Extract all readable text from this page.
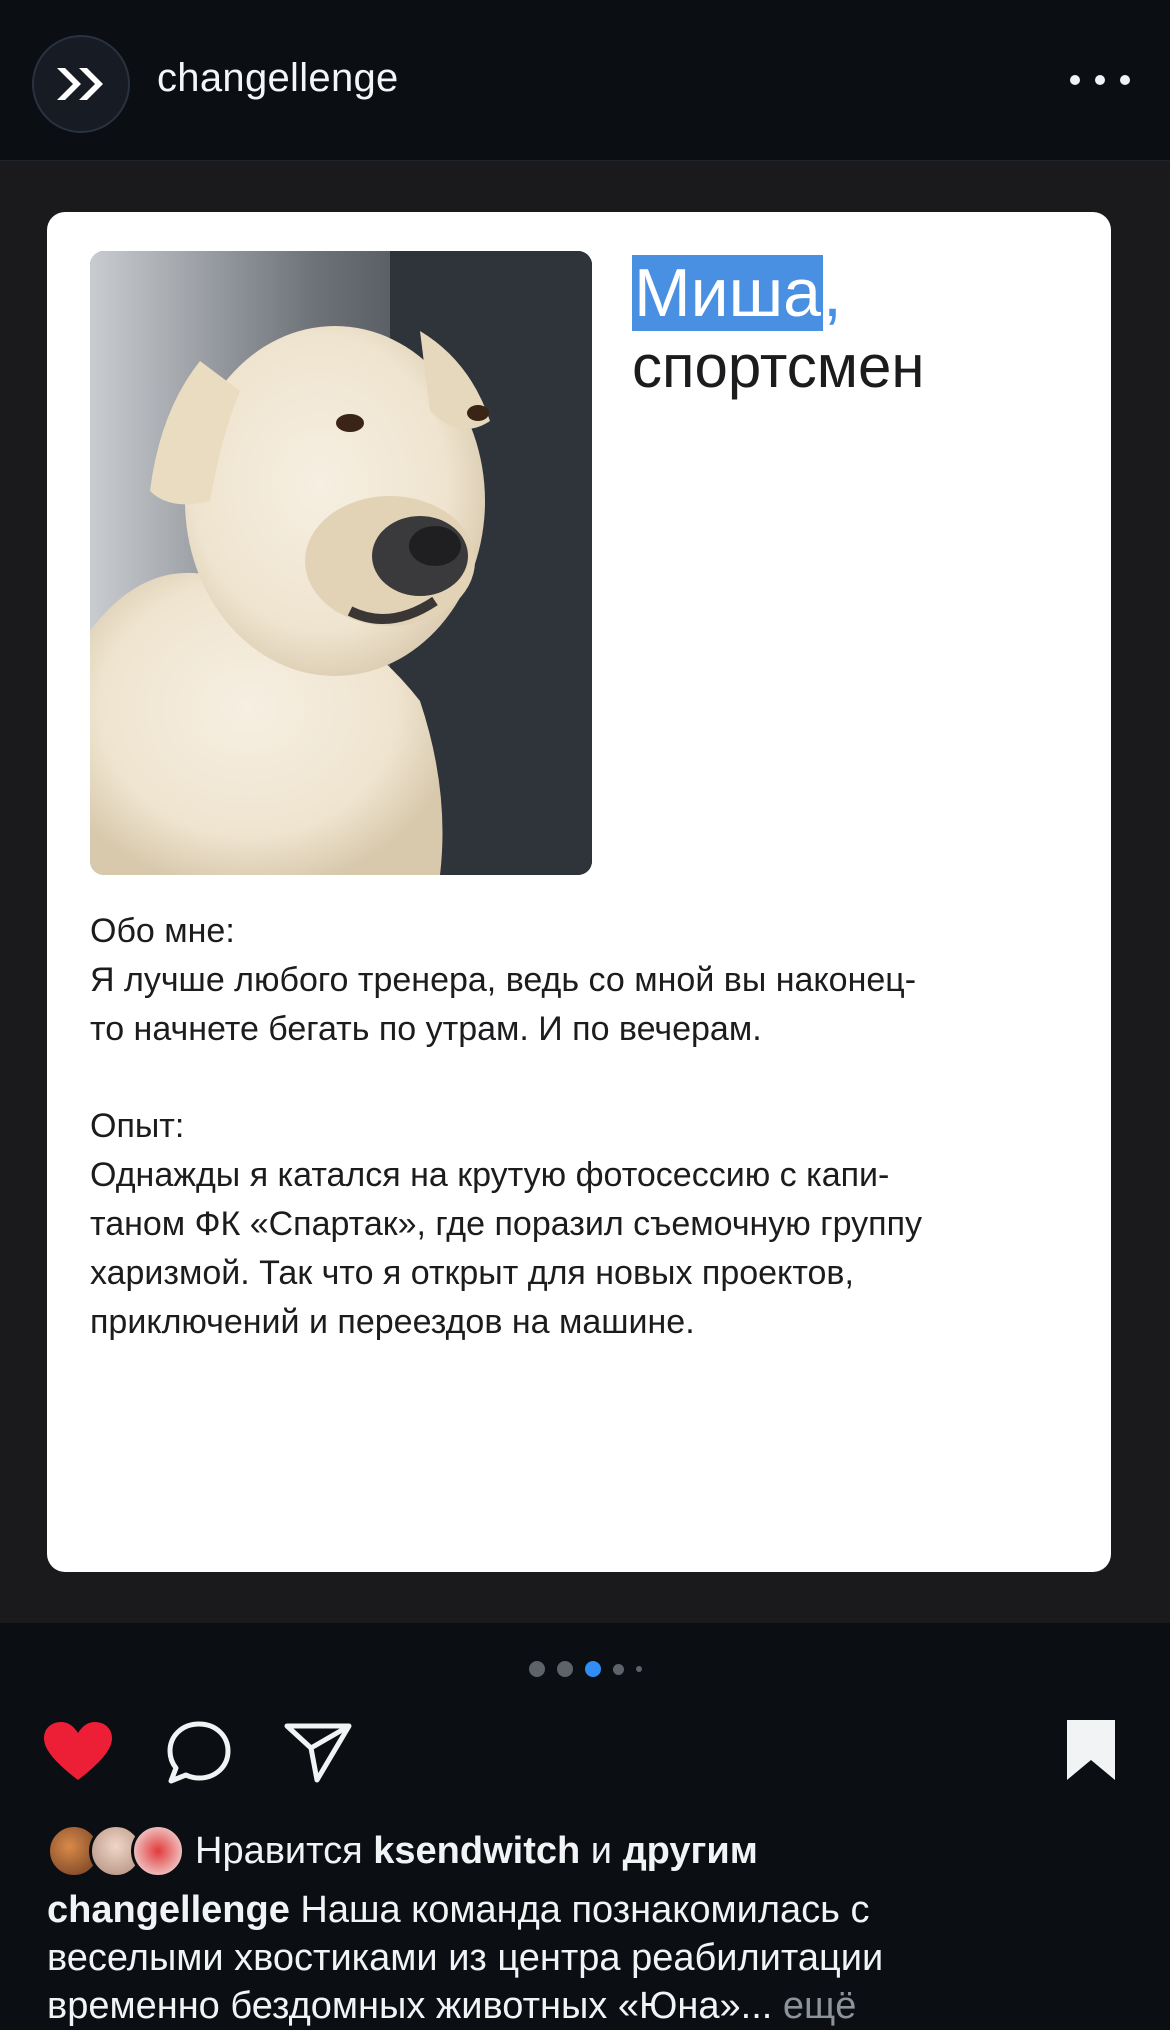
changellenge
Миша,
спортсмен
Обо мне:
Я лучше любого тренера, ведь со мной вы наконец-
то начнете бегать по утрам. И по вечерам.
Опыт:
Однажды я катался на крутую фотосессию с капи-
таном ФК «Спартак», где поразил съемочную группу
харизмой. Так что я открыт для новых проектов,
приключений и переездов на машине.
Нравится ksendwitch и другим
changellenge Наша команда познакомилась с
веселыми хвостиками из центра реабилитации
временно бездомных животных «Юна»... ещё
